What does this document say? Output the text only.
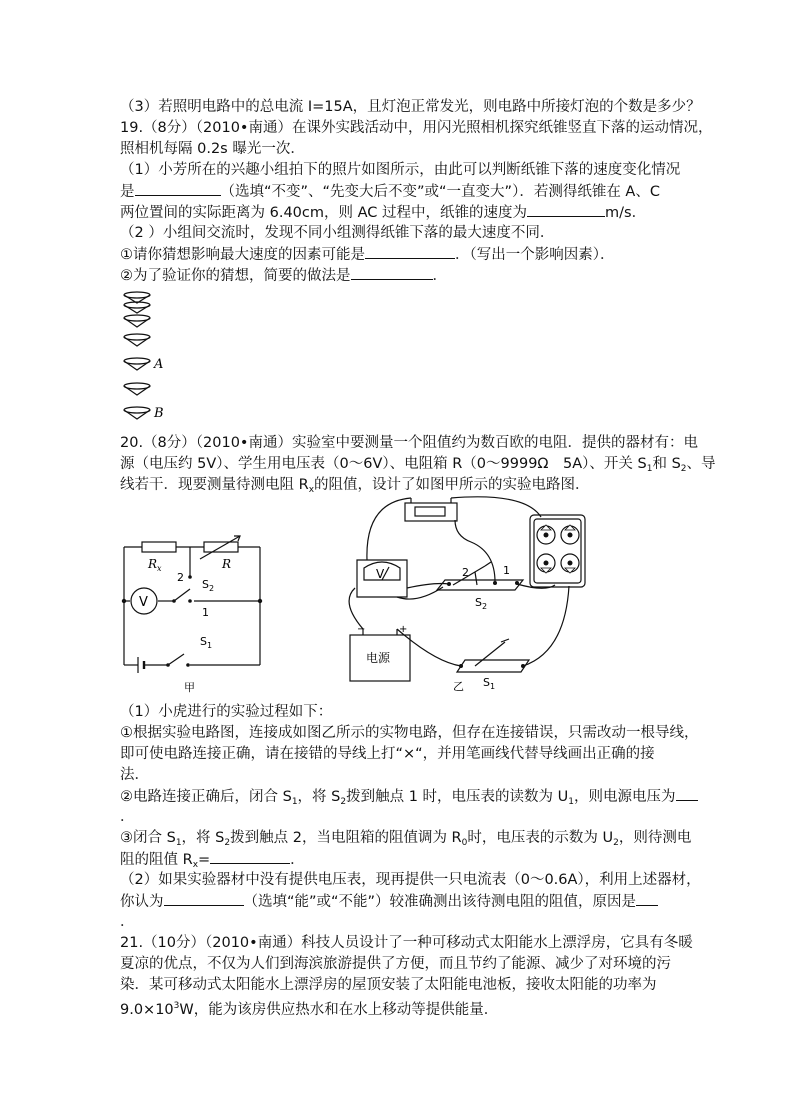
（3）若照明电路中的总电流 I=15A，且灯泡正常发光，则电路中所接灯泡的个数是多少？
19.（8分）（2010•南通）在课外实践活动中，用闪光照相机探究纸锥竖直下落的运动情况，
照相机每隔 0.2s 曝光一次．
（1）小芳所在的兴趣小组拍下的照片如图所示，由此可以判断纸锥下落的速度变化情况
是	（选填“不变”、“先变大后不变”或“一直变大”）．若测得纸锥在 A、C
两位置间的实际距离为 6.40cm，则 AC 过程中，纸锥的速度为	m/s．
（2 ）小组间交流时，发现不同小组测得纸锥下落的最大速度不同．
①请你猜想影响最大速度的因素可能是	．（写出一个影响因素）．
②为了验证你的猜想，简要的做法是	．
A
B
20.（8分）（2010•南通）实验室中要测量一个阻值约为数百欧的电阻．提供的器材有：电
源（电压约 5V）、学生用电压表（0～6V）、电阻箱 R（0～9999Ω　5A）、开关 $S_1$和 $S_2$、导
线若干．现要测量待测电阻 $R_x$的阻值，设计了如图甲所示的实验电路图．
$R_x$	R
2
$S_2$
1
V
$S_1$
甲
V
电源
−	+
2	1
$S_2$
$S_1$
乙
（1）小虎进行的实验过程如下：
①根据实验电路图，连接成如图乙所示的实物电路，但存在连接错误，只需改动一根导线，
即可使电路连接正确，请在接错的导线上打“×“，并用笔画线代替导线画出正确的接
法．
②电路连接正确后，闭合 $S_1$，将 $S_2$拨到触点 1 时，电压表的读数为 $U_1$，则电源电压为
．
③闭合 $S_1$，将 $S_2$拨到触点 2，当电阻箱的阻值调为 $R_0$时，电压表的示数为 $U_2$，则待测电
阻的阻值 $R_x=$	．
（2）如果实验器材中没有提供电压表，现再提供一只电流表（0～0.6A），利用上述器材，
你认为	（选填“能”或“不能”）较准确测出该待测电阻的阻值，原因是
．
21.（10分）（2010•南通）科技人员设计了一种可移动式太阳能水上漂浮房，它具有冬暖
夏凉的优点，不仅为人们到海滨旅游提供了方便，而且节约了能源、减少了对环境的污
染．某可移动式太阳能水上漂浮房的屋顶安装了太阳能电池板，接收太阳能的功率为
$9.0\times 10^3W$，能为该房供应热水和在水上移动等提供能量．
